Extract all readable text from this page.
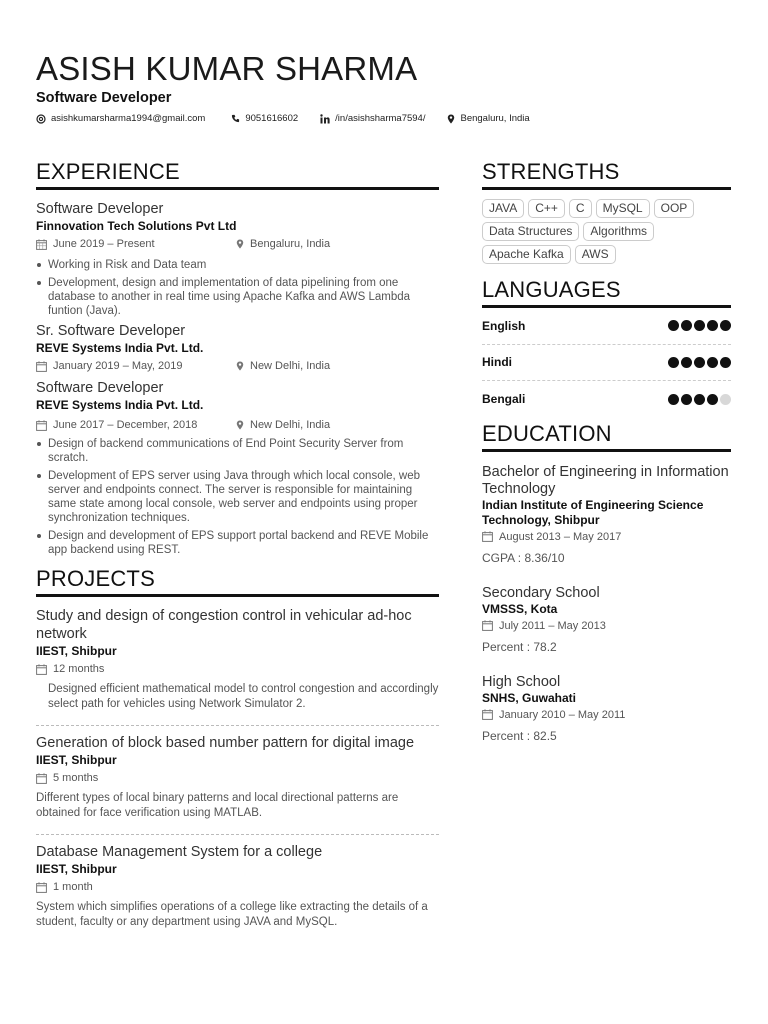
ASISH KUMAR SHARMA
Software Developer
asishkumarsharma1994@gmail.com	9051616602	/in/asishsharma7594/	Bengaluru, India
EXPERIENCE
Software Developer
Finnovation Tech Solutions Pvt Ltd
June 2019 – Present	Bengaluru, India
Working in Risk and Data team
Development, design and implementation of data pipelining from one database to another in real time using Apache Kafka and AWS Lambda funtion (Java).
Sr. Software Developer
REVE Systems India Pvt. Ltd.
January 2019 – May, 2019	New Delhi, India
Software Developer
REVE Systems India Pvt. Ltd.
June 2017 – December, 2018	New Delhi, India
Design of backend communications of End Point Security Server from scratch.
Development of EPS server using Java through which local console, web server and endpoints connect. The server is responsible for maintaining same state among local console, web server and endpoints using proper synchronization techniques.
Design and development of EPS support portal backend and REVE Mobile app backend using REST.
PROJECTS
Study and design of congestion control in vehicular ad-hoc network
IIEST, Shibpur
12 months
Designed efficient mathematical model to control congestion and accordingly select path for vehicles using Network Simulator 2.
Generation of block based number pattern for digital image
IIEST, Shibpur
5 months
Different types of local binary patterns and local directional patterns are obtained for face verification using MATLAB.
Database Management System for a college
IIEST, Shibpur
1 month
System which simplifies operations of a college like extracting the details of a student, faculty or any department using JAVA and MySQL.
STRENGTHS
JAVA	C++	C	MySQL	OOP
Data Structures	Algorithms
Apache Kafka	AWS
LANGUAGES
English
Hindi
Bengali
EDUCATION
Bachelor of Engineering in Information Technology
Indian Institute of Engineering Science Technology, Shibpur
August 2013 – May 2017
CGPA : 8.36/10
Secondary School
VMSSS, Kota
July 2011 – May 2013
Percent : 78.2
High School
SNHS, Guwahati
January 2010 – May 2011
Percent : 82.5
